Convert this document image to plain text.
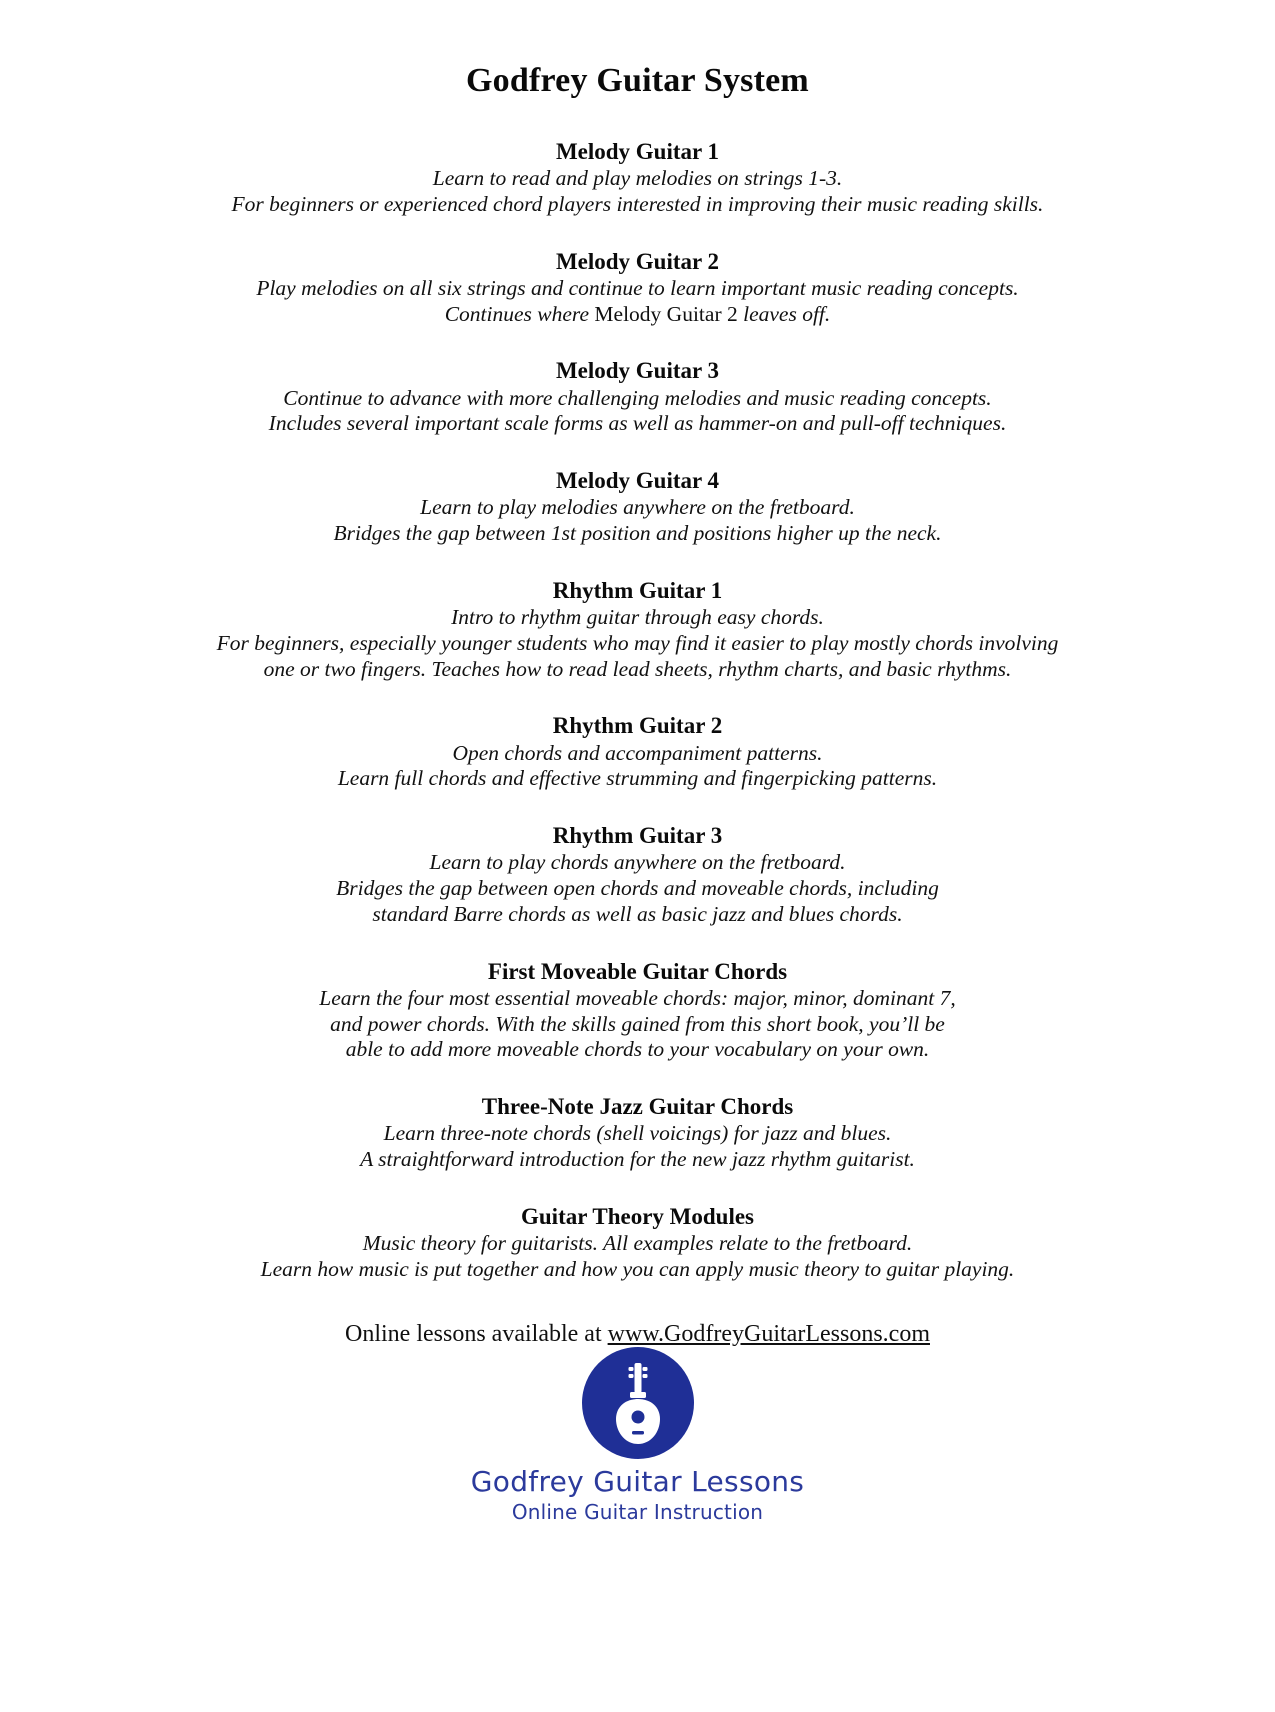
Godfrey Guitar System
Melody Guitar 1
Learn to read and play melodies on strings 1-3.
For beginners or experienced chord players interested in improving their music reading skills.
Melody Guitar 2
Play melodies on all six strings and continue to learn important music reading concepts.
Continues where Melody Guitar 2 leaves off.
Melody Guitar 3
Continue to advance with more challenging melodies and music reading concepts.
Includes several important scale forms as well as hammer-on and pull-off techniques.
Melody Guitar 4
Learn to play melodies anywhere on the fretboard.
Bridges the gap between 1st position and positions higher up the neck.
Rhythm Guitar 1
Intro to rhythm guitar through easy chords.
For beginners, especially younger students who may find it easier to play mostly chords involving
one or two fingers. Teaches how to read lead sheets, rhythm charts, and basic rhythms.
Rhythm Guitar 2
Open chords and accompaniment patterns.
Learn full chords and effective strumming and fingerpicking patterns.
Rhythm Guitar 3
Learn to play chords anywhere on the fretboard.
Bridges the gap between open chords and moveable chords, including
standard Barre chords as well as basic jazz and blues chords.
First Moveable Guitar Chords
Learn the four most essential moveable chords: major, minor, dominant 7,
and power chords. With the skills gained from this short book, you’ll be
able to add more moveable chords to your vocabulary on your own.
Three-Note Jazz Guitar Chords
Learn three-note chords (shell voicings) for jazz and blues.
A straightforward introduction for the new jazz rhythm guitarist.
Guitar Theory Modules
Music theory for guitarists. All examples relate to the fretboard.
Learn how music is put together and how you can apply music theory to guitar playing.
Online lessons available at www.GodfreyGuitarLessons.com
Godfrey Guitar Lessons
Online Guitar Instruction
